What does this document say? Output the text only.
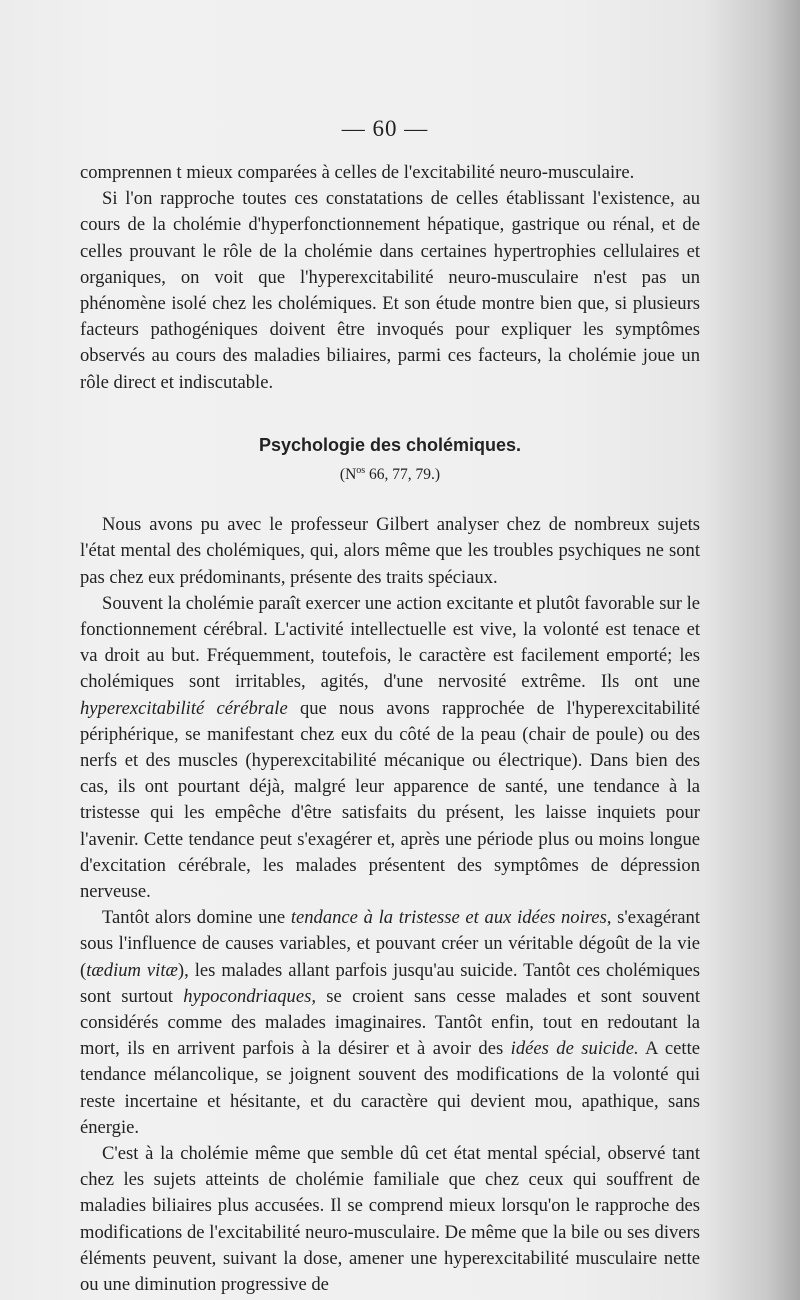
— 60 —

comprennen t mieux comparées à celles de l'excitabilité neuro-musculaire.

Si l'on rapproche toutes ces constatations de celles établissant l'existence, au cours de la cholémie d'hyperfonctionnement hépatique, gastrique ou rénal, et de celles prouvant le rôle de la cholémie dans certaines hypertrophies cellulaires et organiques, on voit que l'hyperexcitabilité neuro-musculaire n'est pas un phénomène isolé chez les cholémiques. Et son étude montre bien que, si plusieurs facteurs pathogéniques doivent être invoqués pour expliquer les symptômes observés au cours des maladies biliaires, parmi ces facteurs, la cholémie joue un rôle direct et indiscutable.

Psychologie des cholémiques.

($N^{os}$ 66, 77, 79.)

Nous avons pu avec le professeur Gilbert analyser chez de nombreux sujets l'état mental des cholémiques, qui, alors même que les troubles psychiques ne sont pas chez eux prédominants, présente des traits spéciaux.

Souvent la cholémie paraît exercer une action excitante et plutôt favorable sur le fonctionnement cérébral. L'activité intellectuelle est vive, la volonté est tenace et va droit au but. Fréquemment, toutefois, le caractère est facilement emporté; les cholémiques sont irritables, agités, d'une nervosité extrême. Ils ont une hyperexcitabilité cérébrale que nous avons rapprochée de l'hyperexcitabilité périphérique, se manifestant chez eux du côté de la peau (chair de poule) ou des nerfs et des muscles (hyperexcitabilité mécanique ou électrique). Dans bien des cas, ils ont pourtant déjà, malgré leur apparence de santé, une tendance à la tristesse qui les empêche d'être satisfaits du présent, les laisse inquiets pour l'avenir. Cette tendance peut s'exagérer et, après une période plus ou moins longue d'excitation cérébrale, les malades présentent des symptômes de dépression nerveuse.

Tantôt alors domine une tendance à la tristesse et aux idées noires, s'exagérant sous l'influence de causes variables, et pouvant créer un véritable dégoût de la vie (tædium vitæ), les malades allant parfois jusqu'au suicide. Tantôt ces cholémiques sont surtout hypocondriaques, se croient sans cesse malades et sont souvent considérés comme des malades imaginaires. Tantôt enfin, tout en redoutant la mort, ils en arrivent parfois à la désirer et à avoir des idées de suicide. A cette tendance mélancolique, se joignent souvent des modifications de la volonté qui reste incertaine et hésitante, et du caractère qui devient mou, apathique, sans énergie.

C'est à la cholémie même que semble dû cet état mental spécial, observé tant chez les sujets atteints de cholémie familiale que chez ceux qui souffrent de maladies biliaires plus accusées. Il se comprend mieux lorsqu'on le rapproche des modifications de l'excitabilité neuro-musculaire. De même que la bile ou ses divers éléments peuvent, suivant la dose, amener une hyperexcitabilité musculaire nette ou une diminution progressive de
